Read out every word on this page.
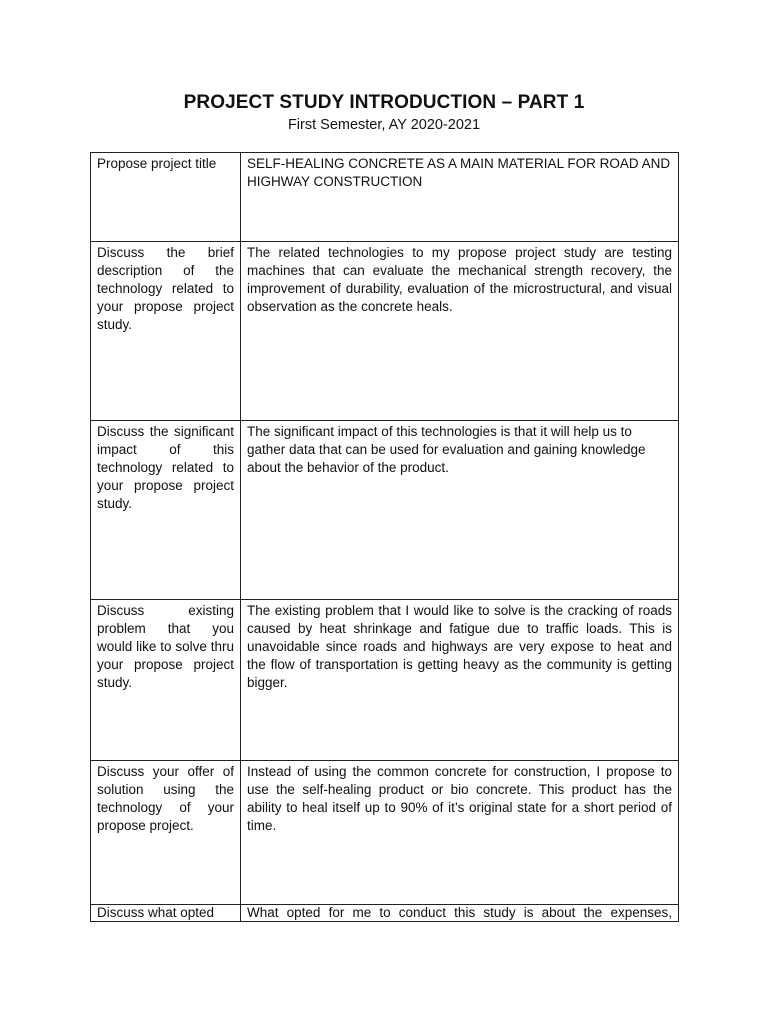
PROJECT STUDY INTRODUCTION – PART 1
First Semester, AY 2020-2021
Propose project title	SELF-HEALING CONCRETE AS A MAIN MATERIAL FOR ROAD AND HIGHWAY CONSTRUCTION
Discuss the brief description of the technology related to your propose project study.	The related technologies to my propose project study are testing machines that can evaluate the mechanical strength recovery, the improvement of durability, evaluation of the microstructural, and visual observation as the concrete heals.
Discuss the significant impact of this technology related to your propose project study.	The significant impact of this technologies is that it will help us to gather data that can be used for evaluation and gaining knowledge about the behavior of the product.
Discuss existing problem that you would like to solve thru your propose project study.	The existing problem that I would like to solve is the cracking of roads caused by heat shrinkage and fatigue due to traffic loads. This is unavoidable since roads and highways are very expose to heat and the flow of transportation is getting heavy as the community is getting bigger.
Discuss your offer of solution using the technology of your propose project.	Instead of using the common concrete for construction, I propose to use the self-healing product or bio concrete. This product has the ability to heal itself up to 90% of it’s original state for a short period of time.
Discuss what opted	What opted for me to conduct this study is about the expenses,
